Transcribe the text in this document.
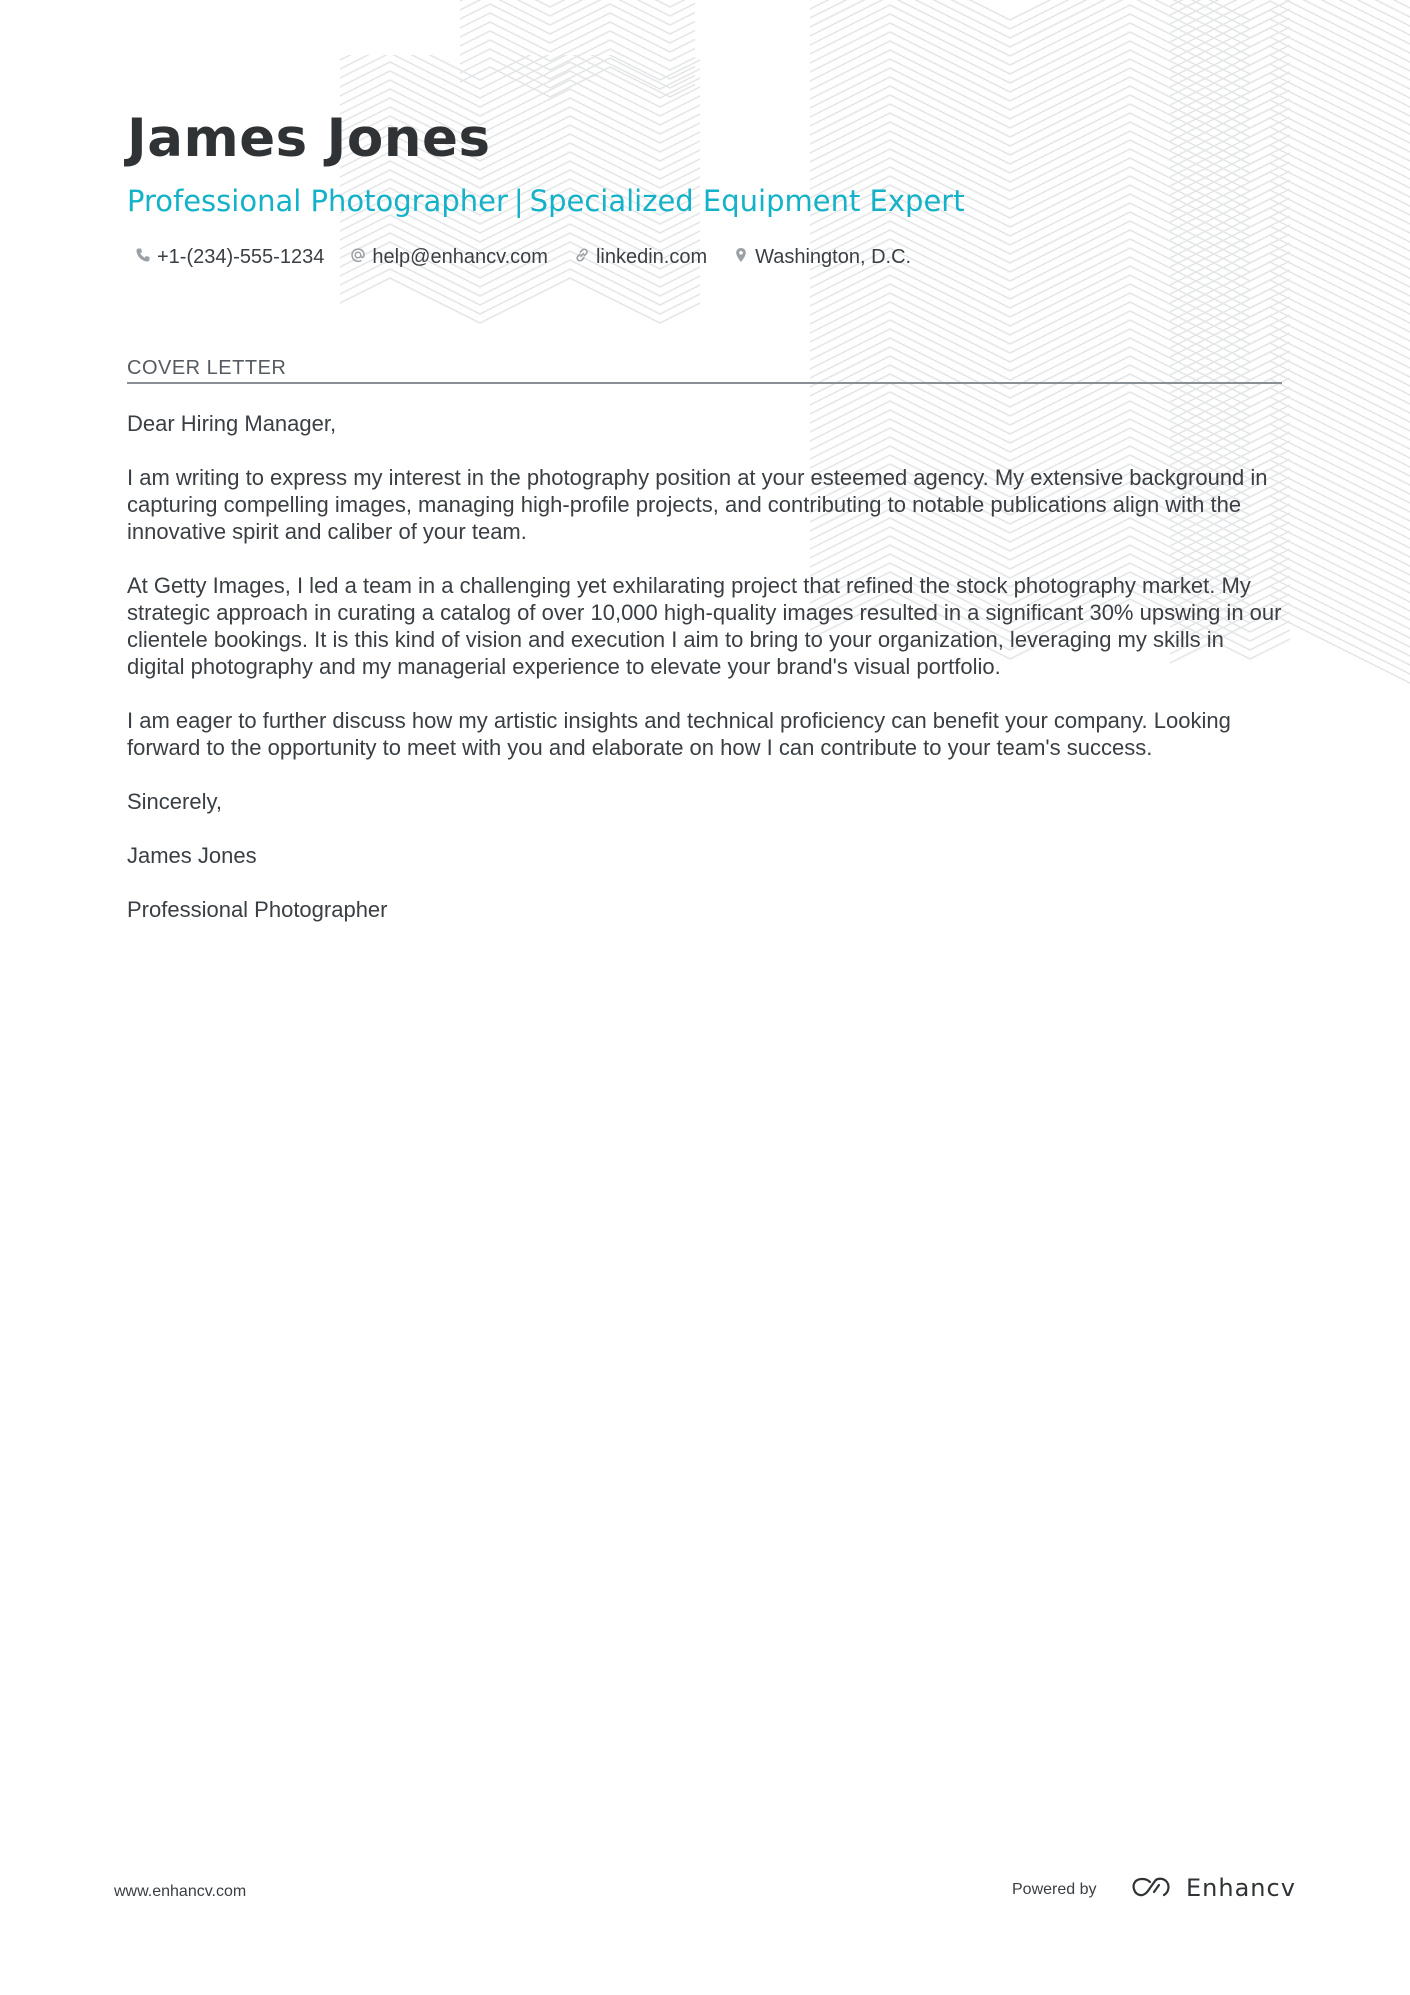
James Jones
Professional Photographer | Specialized Equipment Expert
+1-(234)-555-1234 help@enhancv.com linkedin.com Washington, D.C.
COVER LETTER

Dear Hiring Manager,

I am writing to express my interest in the photography position at your esteemed agency. My extensive background in capturing compelling images, managing high-profile projects, and contributing to notable publications align with the innovative spirit and caliber of your team.

At Getty Images, I led a team in a challenging yet exhilarating project that refined the stock photography market. My strategic approach in curating a catalog of over 10,000 high-quality images resulted in a significant 30% upswing in our clientele bookings. It is this kind of vision and execution I aim to bring to your organization, leveraging my skills in digital photography and my managerial experience to elevate your brand's visual portfolio.

I am eager to further discuss how my artistic insights and technical proficiency can benefit your company. Looking forward to the opportunity to meet with you and elaborate on how I can contribute to your team's success.

Sincerely,

James Jones

Professional Photographer

www.enhancv.com	Powered by	Enhancv
